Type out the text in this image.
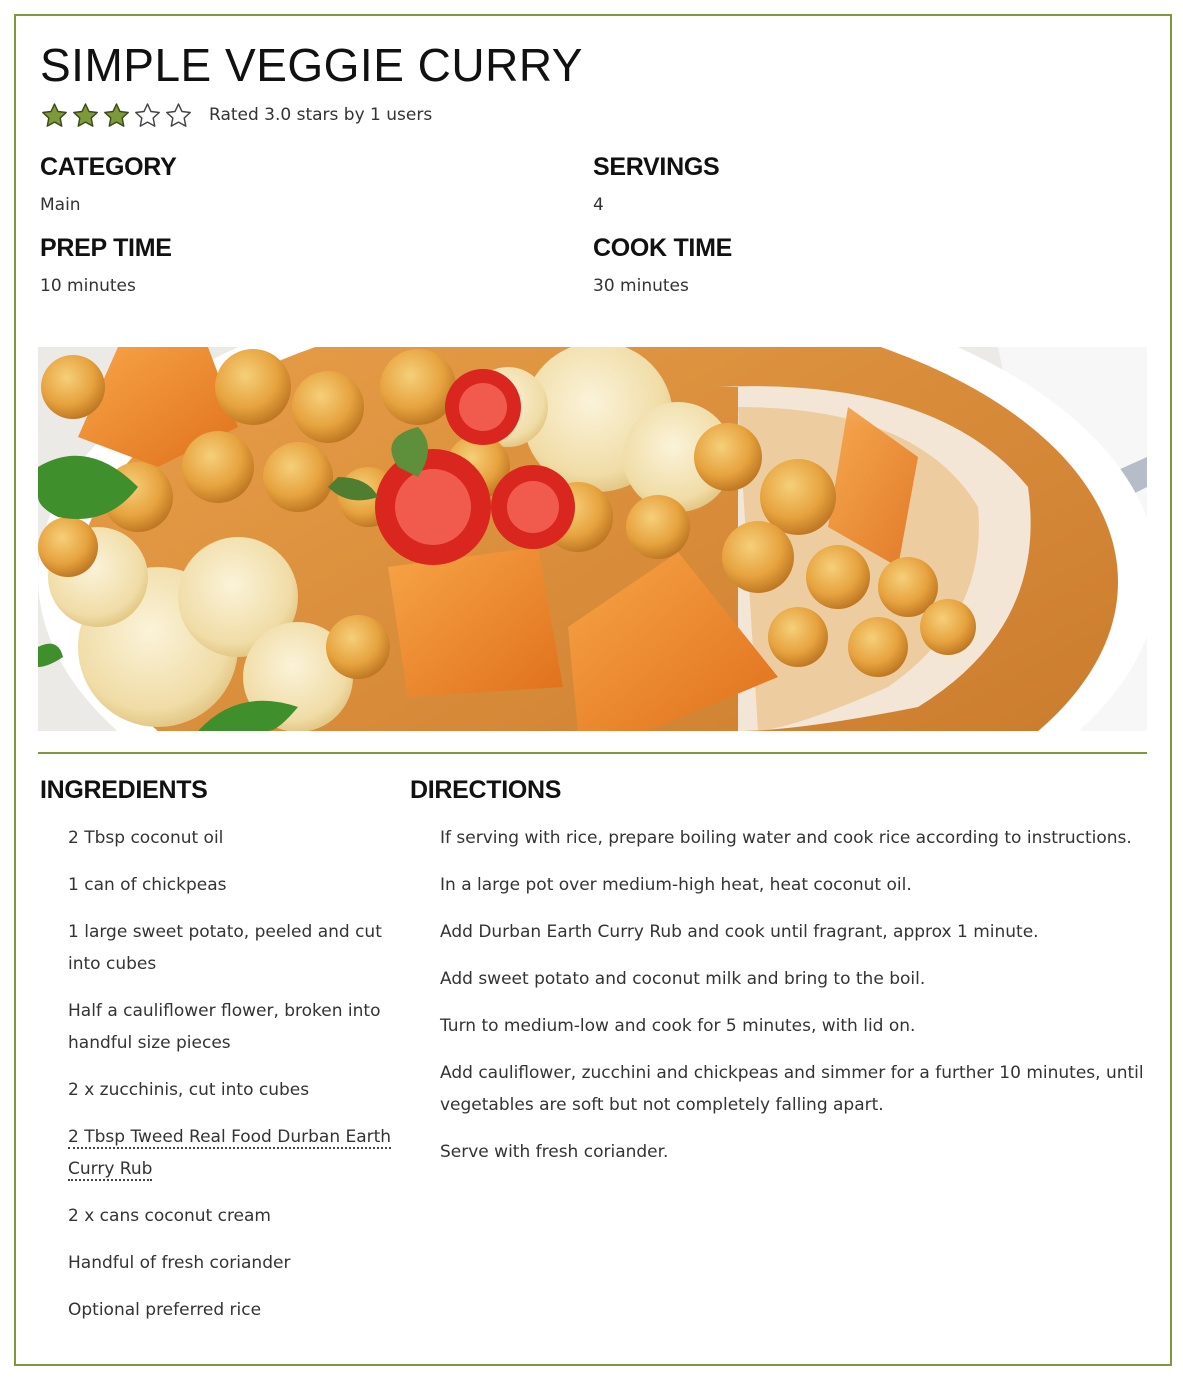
SIMPLE VEGGIE CURRY
Rated 3.0 stars by 1 users
CATEGORY
Main
SERVINGS
4
PREP TIME
10 minutes
COOK TIME
30 minutes
INGREDIENTS	DIRECTIONS
2 Tbsp coconut oil
1 can of chickpeas
1 large sweet potato, peeled and cut into cubes
Half a cauliflower flower, broken into handful size pieces
2 x zucchinis, cut into cubes
2 Tbsp Tweed Real Food Durban Earth Curry Rub
2 x cans coconut cream
Handful of fresh coriander
Optional preferred rice
If serving with rice, prepare boiling water and cook rice according to instructions.
In a large pot over medium-high heat, heat coconut oil.
Add Durban Earth Curry Rub and cook until fragrant, approx 1 minute.
Add sweet potato and coconut milk and bring to the boil.
Turn to medium-low and cook for 5 minutes, with lid on.
Add cauliflower, zucchini and chickpeas and simmer for a further 10 minutes, until vegetables are soft but not completely falling apart.
Serve with fresh coriander.
